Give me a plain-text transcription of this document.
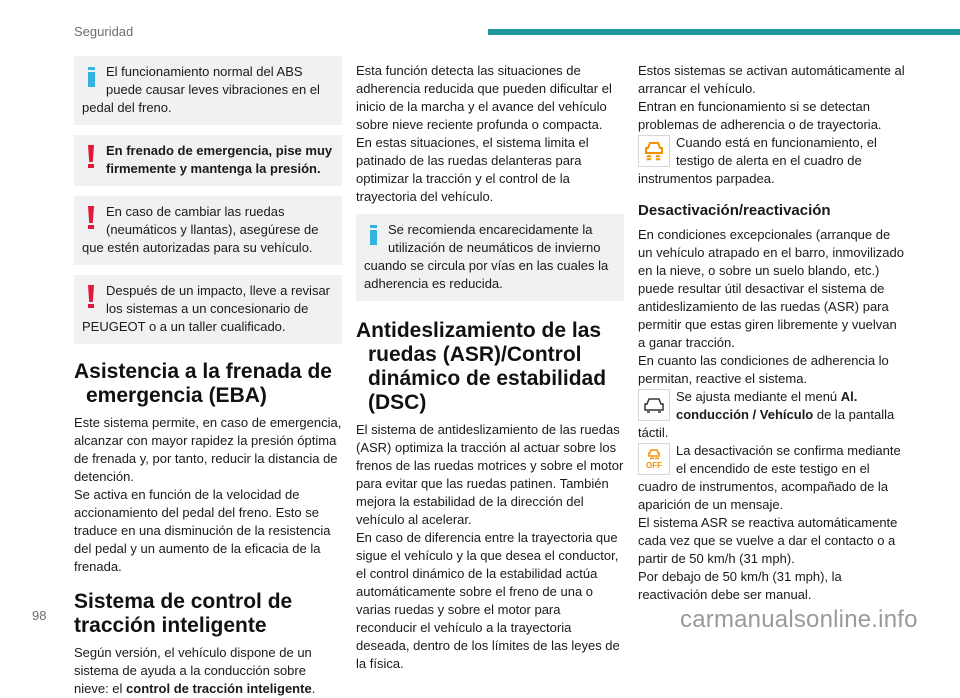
Seguridad
El funcionamiento normal del ABS puede causar leves vibraciones en el pedal del freno.
En frenado de emergencia, pise muy firmemente y mantenga la presión.
En caso de cambiar las ruedas (neumáticos y llantas), asegúrese de que estén autorizadas para su vehículo.
Después de un impacto, lleve a revisar los sistemas a un concesionario de PEUGEOT o a un taller cualificado.
Asistencia a la frenada de
emergencia (EBA)

Este sistema permite, en caso de emergencia, alcanzar con mayor rapidez la presión óptima de frenada y, por tanto, reducir la distancia de detención.

Se activa en función de la velocidad de accionamiento del pedal del freno. Esto se traduce en una disminución de la resistencia del pedal y un aumento de la eficacia de la frenada.

Sistema de control de
tracción inteligente

Según versión, el vehículo dispone de un sistema de ayuda a la conducción sobre nieve: el control de tracción inteligente.

Esta función detecta las situaciones de adherencia reducida que pueden dificultar el inicio de la marcha y el avance del vehículo sobre nieve reciente profunda o compacta.

En estas situaciones, el sistema limita el patinado de las ruedas delanteras para optimizar la tracción y el control de la trayectoria del vehículo.

Se recomienda encarecidamente la utilización de neumáticos de invierno cuando se circula por vías en las cuales la adherencia es reducida.
Antideslizamiento de las
ruedas (ASR)/Control
dinámico de estabilidad
(DSC)

El sistema de antideslizamiento de las ruedas (ASR) optimiza la tracción al actuar sobre los frenos de las ruedas motrices y sobre el motor para evitar que las ruedas patinen. También mejora la estabilidad de la dirección del vehículo al acelerar.

En caso de diferencia entre la trayectoria que sigue el vehículo y la que desea el conductor, el control dinámico de la estabilidad actúa automáticamente sobre el freno de una o varias ruedas y sobre el motor para reconducir el vehículo a la trayectoria deseada, dentro de los límites de las leyes de la física.

Estos sistemas se activan automáticamente al arrancar el vehículo.

Entran en funcionamiento si se detectan problemas de adherencia o de trayectoria.

Cuando está en funcionamiento, el testigo de alerta en el cuadro de instrumentos parpadea.
Desactivación/reactivación

En condiciones excepcionales (arranque de un vehículo atrapado en el barro, inmovilizado en la nieve, o sobre un suelo blando, etc.) puede resultar útil desactivar el sistema de antideslizamiento de las ruedas (ASR) para permitir que estas giren libremente y vuelvan a ganar tracción.

En cuanto las condiciones de adherencia lo permitan, reactive el sistema.

Se ajusta mediante el menú Al. conducción / Vehículo de la pantalla táctil.
OFF
La desactivación se confirma mediante el encendido de este testigo en el cuadro de instrumentos, acompañado de la aparición de un mensaje.

El sistema ASR se reactiva automáticamente cada vez que se vuelve a dar el contacto o a partir de 50 km/h (31 mph).

Por debajo de 50 km/h (31 mph), la reactivación debe ser manual.

98	carmanualsonline.info
